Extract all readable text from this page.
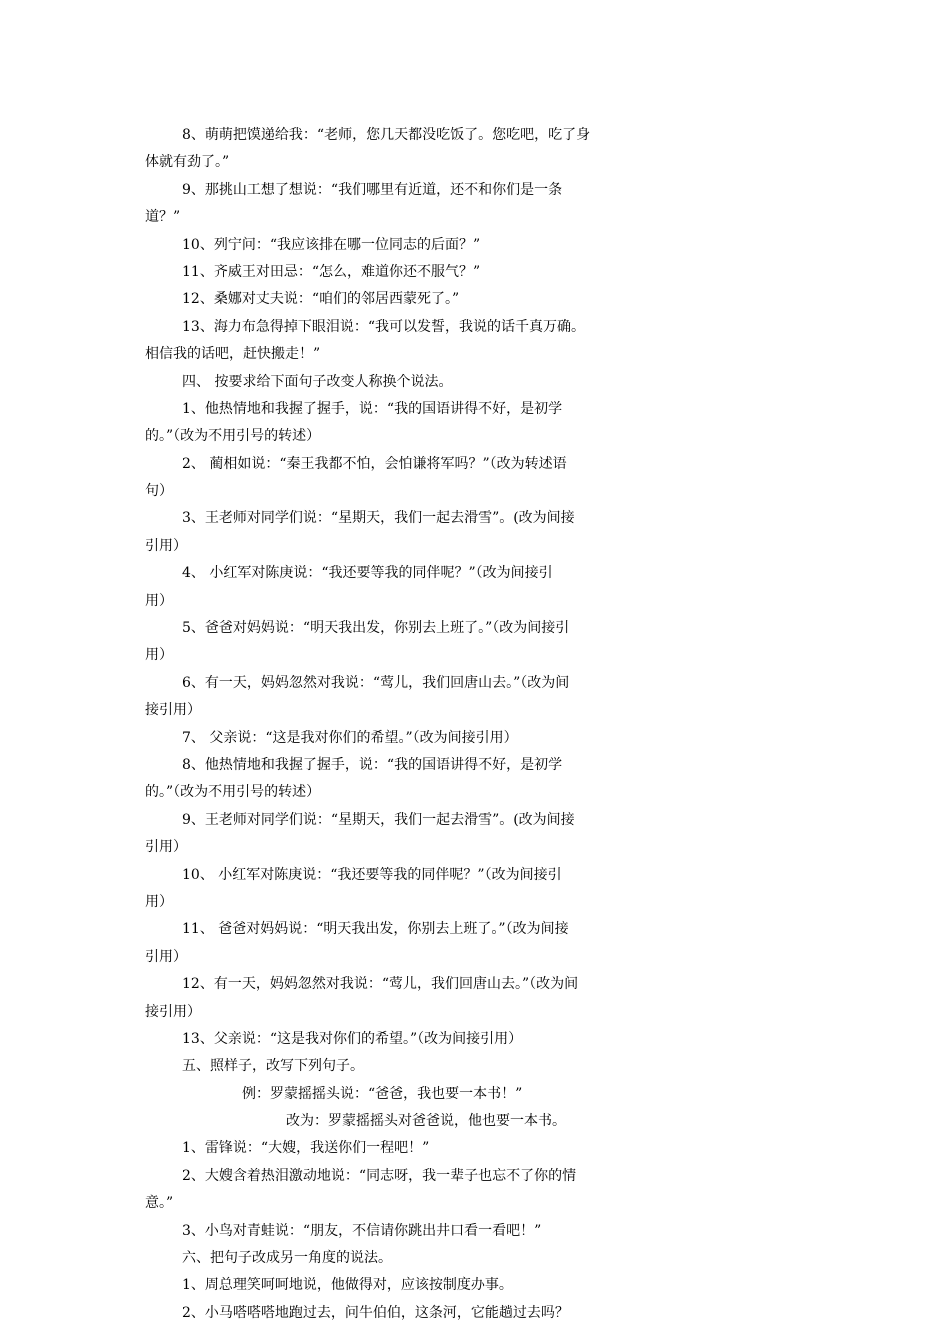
8、萌萌把馍递给我：“老师，您几天都没吃饭了。您吃吧，吃了身
体就有劲了。”
9、那挑山工想了想说：“我们哪里有近道，还不和你们是一条
道？”
10、列宁问：“我应该排在哪一位同志的后面？”
11、齐威王对田忌：“怎么，难道你还不服气？”
12、桑娜对丈夫说：“咱们的邻居西蒙死了。”
13、海力布急得掉下眼泪说：“我可以发誓，我说的话千真万确。
相信我的话吧，赶快搬走！”
四、 按要求给下面句子改变人称换个说法。
1、他热情地和我握了握手，说：“我的国语讲得不好，是初学
的。”（改为不用引号的转述）
2、 蔺相如说：“秦王我都不怕，会怕谦将军吗？”（改为转述语
句）
3、王老师对同学们说：“星期天，我们一起去滑雪”。(改为间接
引用）
4、 小红军对陈庚说：“我还要等我的同伴呢？”（改为间接引
用）
5、爸爸对妈妈说：“明天我出发，你别去上班了。”（改为间接引
用）
6、有一天，妈妈忽然对我说：“莺儿，我们回唐山去。”（改为间
接引用）
7、 父亲说：“这是我对你们的希望。”（改为间接引用）
8、他热情地和我握了握手，说：“我的国语讲得不好，是初学
的。”（改为不用引号的转述）
9、王老师对同学们说：“星期天，我们一起去滑雪”。(改为间接
引用）
10、 小红军对陈庚说：“我还要等我的同伴呢？”（改为间接引
用）
11、 爸爸对妈妈说：“明天我出发，你别去上班了。”（改为间接
引用）
12、有一天，妈妈忽然对我说：“莺儿，我们回唐山去。”（改为间
接引用）
13、父亲说：“这是我对你们的希望。”（改为间接引用）
五、照样子，改写下列句子。
例：罗蒙摇摇头说：“爸爸，我也要一本书！”
改为：罗蒙摇摇头对爸爸说，他也要一本书。
1、雷锋说：“大嫂，我送你们一程吧！”
2、大嫂含着热泪激动地说：“同志呀，我一辈子也忘不了你的情
意。”
3、小鸟对青蛙说：“朋友，不信请你跳出井口看一看吧！”
六、把句子改成另一角度的说法。
1、周总理笑呵呵地说，他做得对，应该按制度办事。
2、小马嗒嗒嗒地跑过去，问牛伯伯，这条河，它能趟过去吗？
